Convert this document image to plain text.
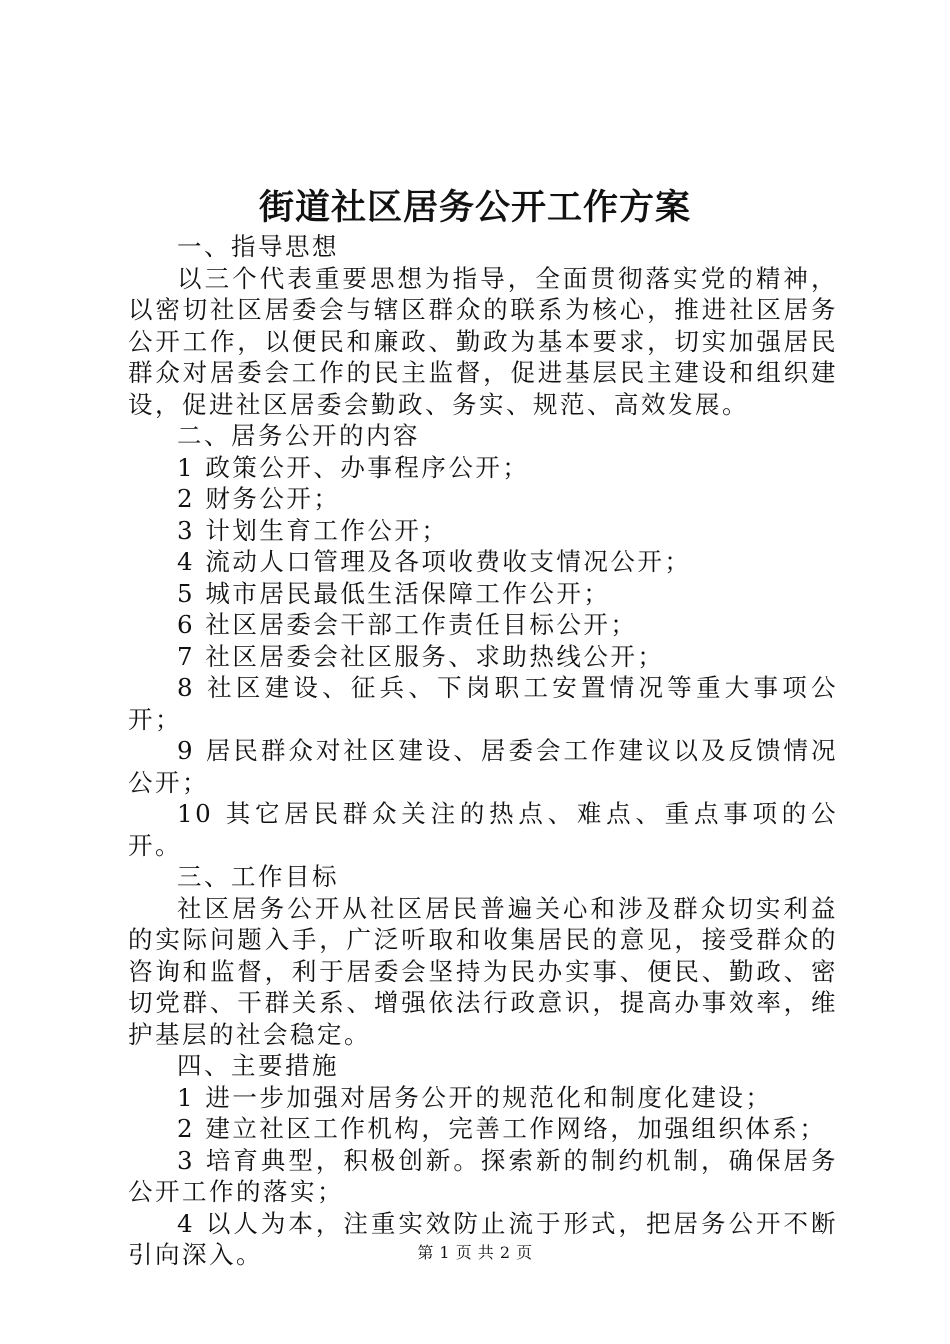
街道社区居务公开工作方案

一、指导思想

以三个代表重要思想为指导，全面贯彻落实党的精神，以密切社区居委会与辖区群众的联系为核心，推进社区居务公开工作，以便民和廉政、勤政为基本要求，切实加强居民群众对居委会工作的民主监督，促进基层民主建设和组织建设，促进社区居委会勤政、务实、规范、高效发展。

二、居务公开的内容

1 政策公开、办事程序公开；

2 财务公开；

3 计划生育工作公开；

4 流动人口管理及各项收费收支情况公开；

5 城市居民最低生活保障工作公开；

6 社区居委会干部工作责任目标公开；

7 社区居委会社区服务、求助热线公开；

8 社区建设、征兵、下岗职工安置情况等重大事项公开；

9 居民群众对社区建设、居委会工作建议以及反馈情况公开；

10 其它居民群众关注的热点、难点、重点事项的公开。

三、工作目标

社区居务公开从社区居民普遍关心和涉及群众切实利益的实际问题入手，广泛听取和收集居民的意见，接受群众的咨询和监督，利于居委会坚持为民办实事、便民、勤政、密切党群、干群关系、增强依法行政意识，提高办事效率，维护基层的社会稳定。

四、主要措施

1 进一步加强对居务公开的规范化和制度化建设；

2 建立社区工作机构，完善工作网络，加强组织体系；

3 培育典型，积极创新。探索新的制约机制，确保居务公开工作的落实；

4 以人为本，注重实效防止流于形式，把居务公开不断引向深入。	第 1 页 共 2 页
